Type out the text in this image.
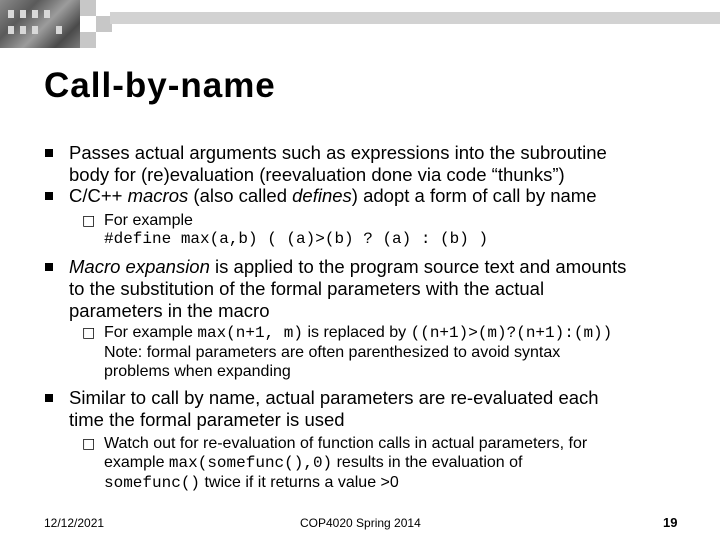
Call-by-name
Passes actual arguments such as expressions into the subroutine
body for (re)evaluation (reevaluation done via code “thunks”)
C/C++ macros (also called defines) adopt a form of call by name
□ For example
#define max(a,b) ( (a)>(b) ? (a) : (b) )
Macro expansion is applied to the program source text and amounts
to the substitution of the formal parameters with the actual
parameters in the macro
□ For example max(n+1, m) is replaced by ((n+1)>(m)?(n+1):(m))
Note: formal parameters are often parenthesized to avoid syntax
problems when expanding
Similar to call by name, actual parameters are re-evaluated each
time the formal parameter is used
□ Watch out for re-evaluation of function calls in actual parameters, for
example max(somefunc(),0) results in the evaluation of
somefunc() twice if it returns a value >0
12/12/2021	COP4020 Spring 2014	19
